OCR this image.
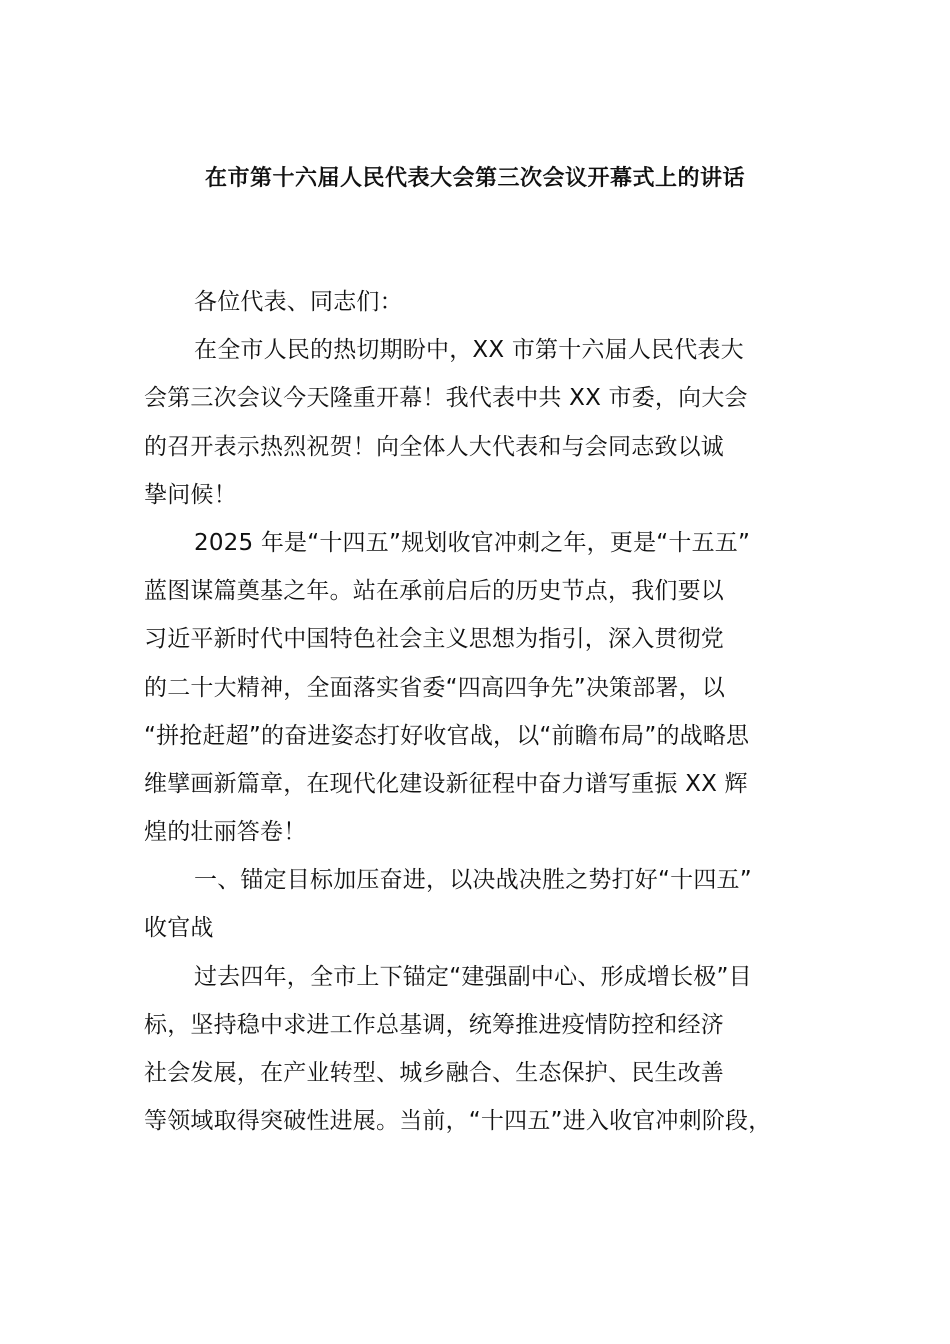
在市第十六届人民代表大会第三次会议开幕式上的讲话
各位代表、同志们：
在全市人民的热切期盼中，XX 市第十六届人民代表大
会第三次会议今天隆重开幕！我代表中共 XX 市委，向大会
的召开表示热烈祝贺！向全体人大代表和与会同志致以诚
挚问候！
2025 年是“十四五”规划收官冲刺之年，更是“十五五”
蓝图谋篇奠基之年。站在承前启后的历史节点，我们要以
习近平新时代中国特色社会主义思想为指引，深入贯彻党
的二十大精神，全面落实省委“四高四争先”决策部署，以
“拼抢赶超”的奋进姿态打好收官战，以“前瞻布局”的战略思
维擘画新篇章，在现代化建设新征程中奋力谱写重振 XX 辉
煌的壮丽答卷！
一、锚定目标加压奋进，以决战决胜之势打好“十四五”
收官战
过去四年，全市上下锚定“建强副中心、形成增长极”目
标，坚持稳中求进工作总基调，统筹推进疫情防控和经济
社会发展，在产业转型、城乡融合、生态保护、民生改善
等领域取得突破性进展。当前，“十四五”进入收官冲刺阶段，
